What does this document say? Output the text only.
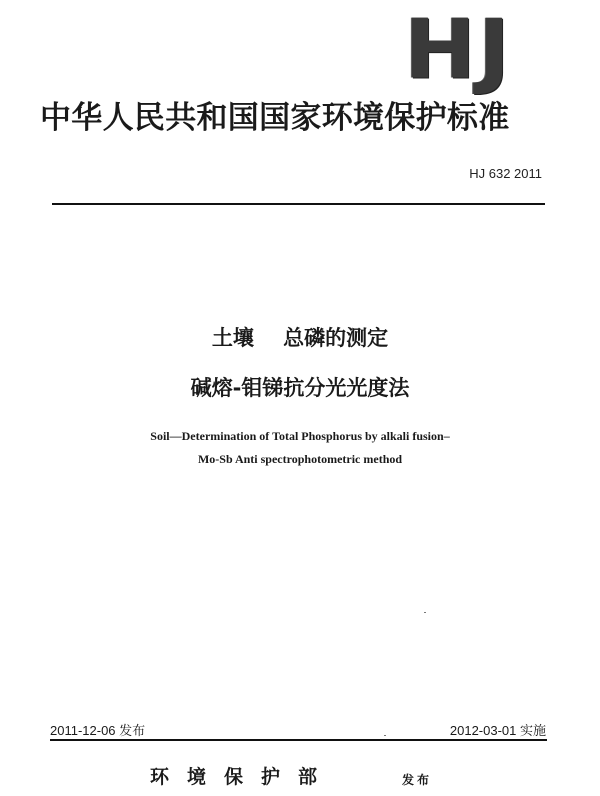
HJ
中华人民共和国国家环境保护标准
HJ 632 2011
土壤    总磷的测定
碱熔-钼锑抗分光光度法
Soil—Determination of Total Phosphorus by alkali fusion–
Mo-Sb Anti spectrophotometric method
2011-12-06 发布	2012-03-01 实施
环境保护部	发布
